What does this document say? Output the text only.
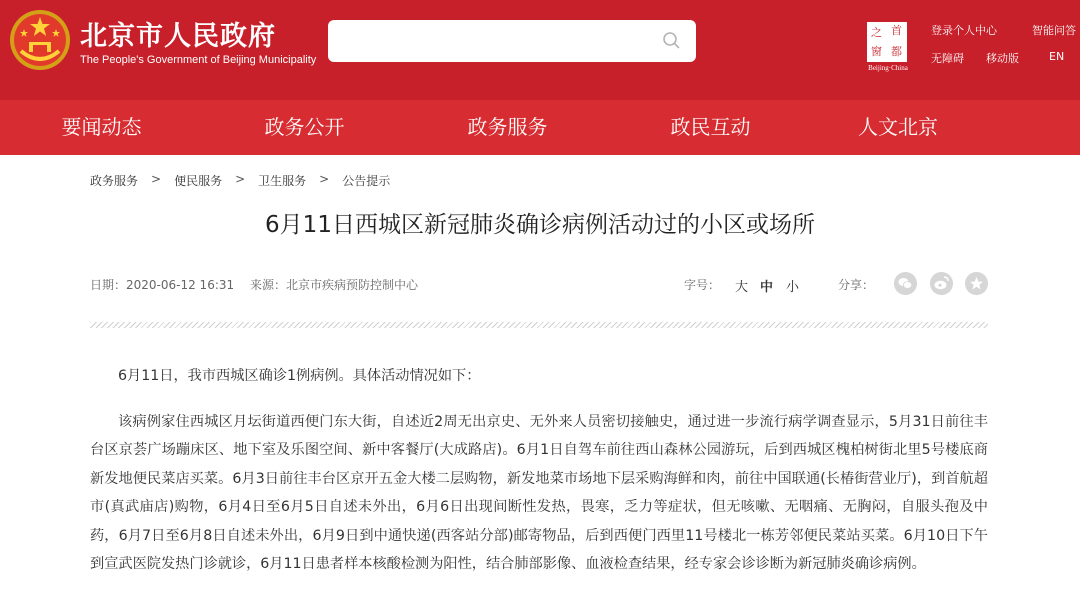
北京市人民政府
The People's Government of Beijing Municipality
之 首
窗 都
Beijing·China
登录个人中心	智能问答
无障碍 移动版	EN
要闻动态	政务公开	政务服务	政民互动	人文北京
政务服务 > 便民服务 > 卫生服务 > 公告提示
6月11日西城区新冠肺炎确诊病例活动过的小区或场所
日期：2020-06-12 16:31 来源：北京市疾病预防控制中心	字号： 大 中 小	分享：
6月11日，我市西城区确诊1例病例。具体活动情况如下：
该病例家住西城区月坛街道西便门东大街，自述近2周无出京史、无外来人员密切接触史，通过进一步流行病学调查显示，5月31日前往丰台区京荟广场蹦床区、地下室及乐图空间、新中客餐厅(大成路店)。6月1日自驾车前往西山森林公园游玩，后到西城区槐柏树街北里5号楼底商新发地便民菜店买菜。6月3日前往丰台区京开五金大楼二层购物，新发地菜市场地下层采购海鲜和肉，前往中国联通(长椿街营业厅)，到首航超市(真武庙店)购物，6月4日至6月5日自述未外出，6月6日出现间断性发热，畏寒，乏力等症状，但无咳嗽、无咽痛、无胸闷，自服头孢及中药，6月7日至6月8日自述未外出，6月9日到中通快递(西客站分部)邮寄物品，后到西便门西里11号楼北一栋芳邻便民菜站买菜。6月10日下午到宣武医院发热门诊就诊，6月11日患者样本核酸检测为阳性，结合肺部影像、血液检查结果，经专家会诊诊断为新冠肺炎确诊病例。
